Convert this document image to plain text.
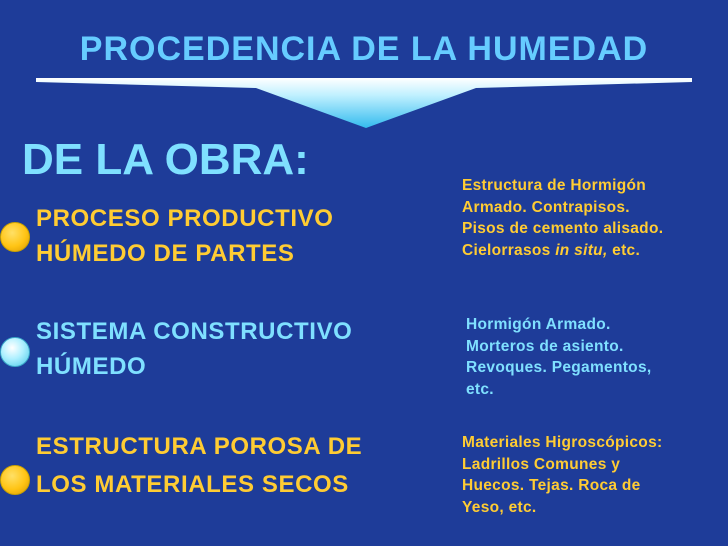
PROCEDENCIA DE LA HUMEDAD
DE LA OBRA:
PROCESO PRODUCTIVO
HÚMEDO DE PARTES
Estructura de Hormigón
Armado. Contrapisos.
Pisos de cemento alisado.
Cielorrasos in situ, etc.
SISTEMA CONSTRUCTIVO
HÚMEDO
Hormigón Armado.
Morteros de asiento.
Revoques. Pegamentos,
etc.
ESTRUCTURA POROSA DE
LOS MATERIALES SECOS
Materiales Higroscópicos:
Ladrillos Comunes y
Huecos. Tejas. Roca de
Yeso, etc.
